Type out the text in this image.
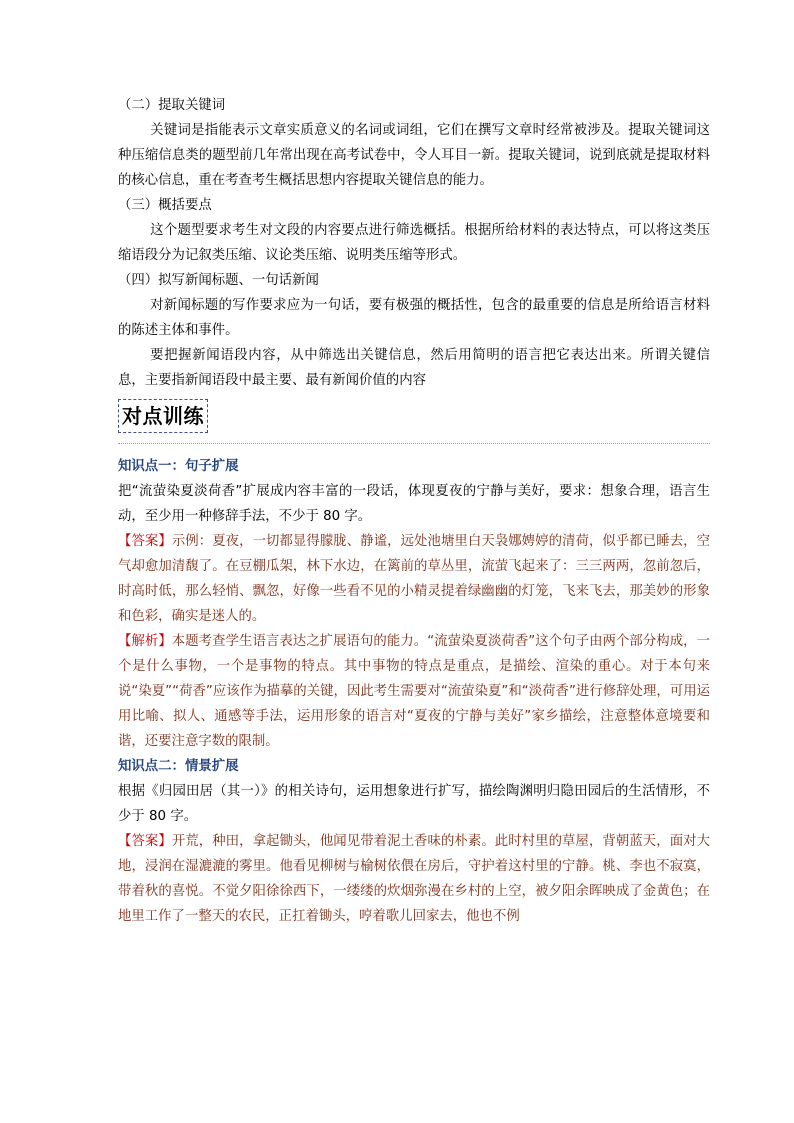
（二）提取关键词
关键词是指能表示文章实质意义的名词或词组，它们在撰写文章时经常被涉及。提取关键词这种压缩信息类的题型前几年常出现在高考试卷中，令人耳目一新。提取关键词，说到底就是提取材料的核心信息，重在考查考生概括思想内容提取关键信息的能力。
（三）概括要点
这个题型要求考生对文段的内容要点进行筛选概括。根据所给材料的表达特点，可以将这类压缩语段分为记叙类压缩、议论类压缩、说明类压缩等形式。
（四）拟写新闻标题、一句话新闻
对新闻标题的写作要求应为一句话，要有极强的概括性，包含的最重要的信息是所给语言材料的陈述主体和事件。
要把握新闻语段内容，从中筛选出关键信息，然后用简明的语言把它表达出来。所谓关键信息，主要指新闻语段中最主要、最有新闻价值的内容
对点训练
知识点一：句子扩展
把“流萤染夏淡荷香”扩展成内容丰富的一段话，体现夏夜的宁静与美好，要求：想象合理，语言生动，至少用一种修辞手法，不少于 80 字。
【答案】示例：夏夜，一切都显得朦胧、静谧，远处池塘里白天袅娜娉婷的清荷，似乎都已睡去，空气却愈加清馥了。在豆棚瓜架，林下水边，在篱前的草丛里，流萤飞起来了：三三两两，忽前忽后，时高时低，那么轻悄、飘忽，好像一些看不见的小精灵提着绿幽幽的灯笼，飞来飞去，那美妙的形象和色彩，确实是迷人的。
【解析】本题考查学生语言表达之扩展语句的能力。“流萤染夏淡荷香”这个句子由两个部分构成，一个是什么事物，一个是事物的特点。其中事物的特点是重点，是描绘、渲染的重心。对于本句来说“染夏”“荷香”应该作为描摹的关键，因此考生需要对“流萤染夏”和“淡荷香”进行修辞处理，可用运用比喻、拟人、通感等手法，运用形象的语言对“夏夜的宁静与美好”家乡描绘，注意整体意境要和谐，还要注意字数的限制。
知识点二：情景扩展
根据《归园田居（其一）》的相关诗句，运用想象进行扩写，描绘陶渊明归隐田园后的生活情形，不少于 80 字。
【答案】开荒，种田，拿起锄头，他闻见带着泥土香味的朴素。此时村里的草屋，背朝蓝天，面对大地，浸润在湿漉漉的雾里。他看见柳树与榆树依偎在房后，守护着这村里的宁静。桃、李也不寂寞，带着秋的喜悦。不觉夕阳徐徐西下，一缕缕的炊烟弥漫在乡村的上空，被夕阳余晖映成了金黄色；在地里工作了一整天的农民，正扛着锄头，哼着歌儿回家去，他也不例
